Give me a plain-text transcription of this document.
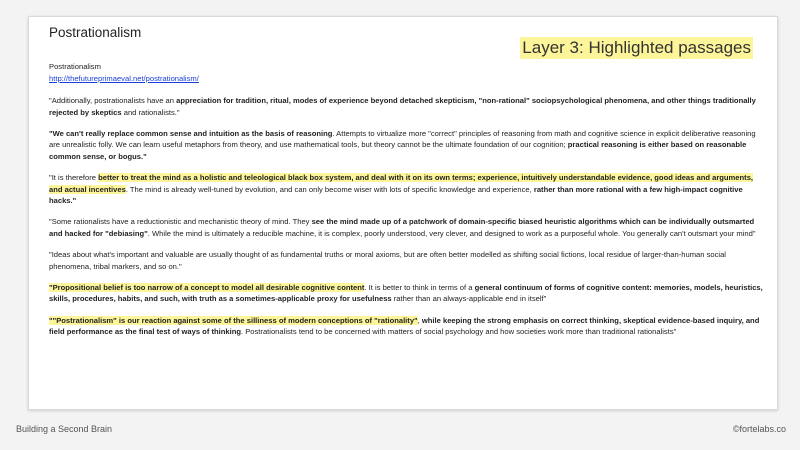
Postrationalism
Layer 3: Highlighted passages
Postrationalism
http://thefutureprimaeval.net/postrationalism/

"Additionally, postrationalists have an appreciation for tradition, ritual, modes of experience beyond detached skepticism, "non-rational" sociopsychological phenomena, and other things traditionally rejected by skeptics and rationalists."

"We can't really replace common sense and intuition as the basis of reasoning. Attempts to virtualize more "correct" principles of reasoning from math and cognitive science in explicit deliberative reasoning are unrealistic folly. We can learn useful metaphors from theory, and use mathematical tools, but theory cannot be the ultimate foundation of our cognition; practical reasoning is either based on reasonable common sense, or bogus."

"It is therefore better to treat the mind as a holistic and teleological black box system, and deal with it on its own terms; experience, intuitively understandable evidence, good ideas and arguments, and actual incentives. The mind is already well-tuned by evolution, and can only become wiser with lots of specific knowledge and experience, rather than more rational with a few high-impact cognitive hacks."

"Some rationalists have a reductionistic and mechanistic theory of mind. They see the mind made up of a patchwork of domain-specific biased heuristic algorithms which can be individually outsmarted and hacked for "debiasing". While the mind is ultimately a reducible machine, it is complex, poorly understood, very clever, and designed to work as a purposeful whole. You generally can't outsmart your mind"

"Ideas about what's important and valuable are usually thought of as fundamental truths or moral axioms, but are often better modelled as shifting social fictions, local residue of larger-than-human social phenomena, tribal markers, and so on."

"Propositional belief is too narrow of a concept to model all desirable cognitive content. It is better to think in terms of a general continuum of forms of cognitive content: memories, models, heuristics, skills, procedures, habits, and such, with truth as a sometimes-applicable proxy for usefulness rather than an always-applicable end in itself"

""Postrationalism" is our reaction against some of the silliness of modern conceptions of "rationality", while keeping the strong emphasis on correct thinking, skeptical evidence-based inquiry, and field performance as the final test of ways of thinking. Postrationalists tend to be concerned with matters of social psychology and how societies work more than traditional rationalists"

Building a Second Brain	©fortelabs.co
